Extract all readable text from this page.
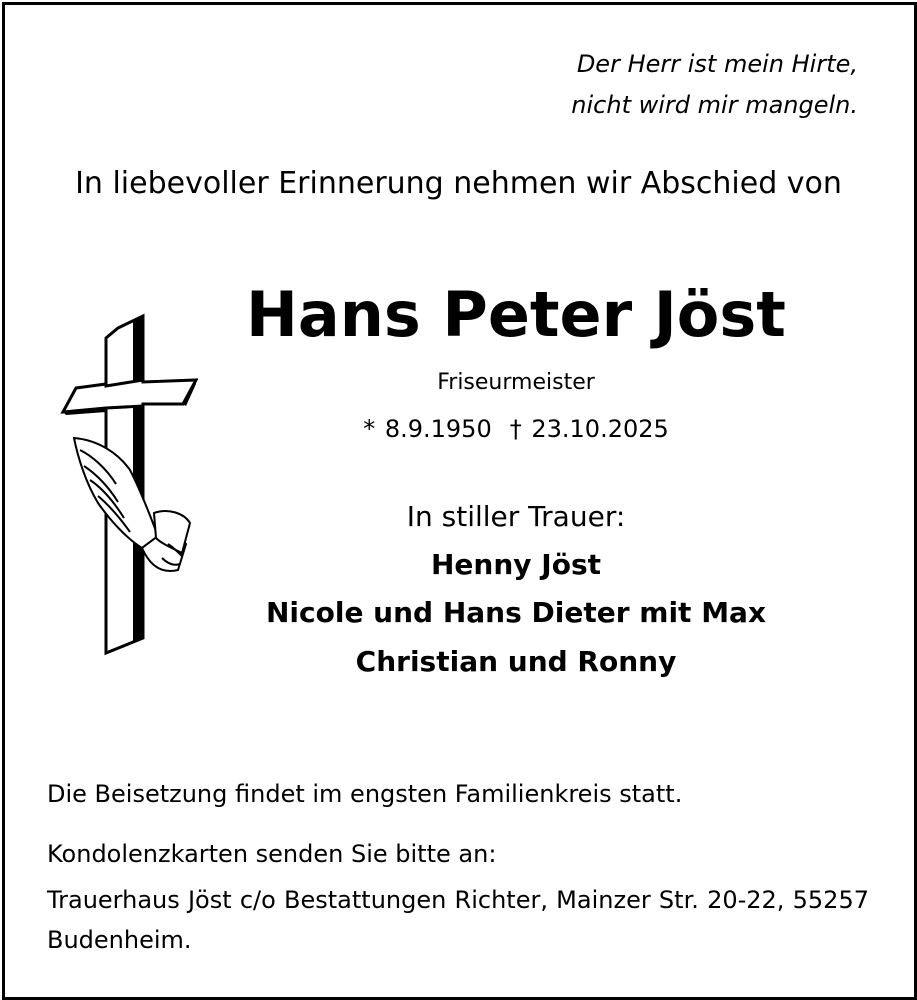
Der Herr ist mein Hirte,
nicht wird mir mangeln.
In liebevoller Erinnerung nehmen wir Abschied von
Hans Peter Jöst
Friseurmeister
* 8.9.1950 † 23.10.2025
In stiller Trauer:
Henny Jöst
Nicole und Hans Dieter mit Max
Christian und Ronny
Die Beisetzung findet im engsten Familienkreis statt.
Kondolenzkarten senden Sie bitte an:
Trauerhaus Jöst c/o Bestattungen Richter, Mainzer Str. 20-22, 55257 Budenheim.
